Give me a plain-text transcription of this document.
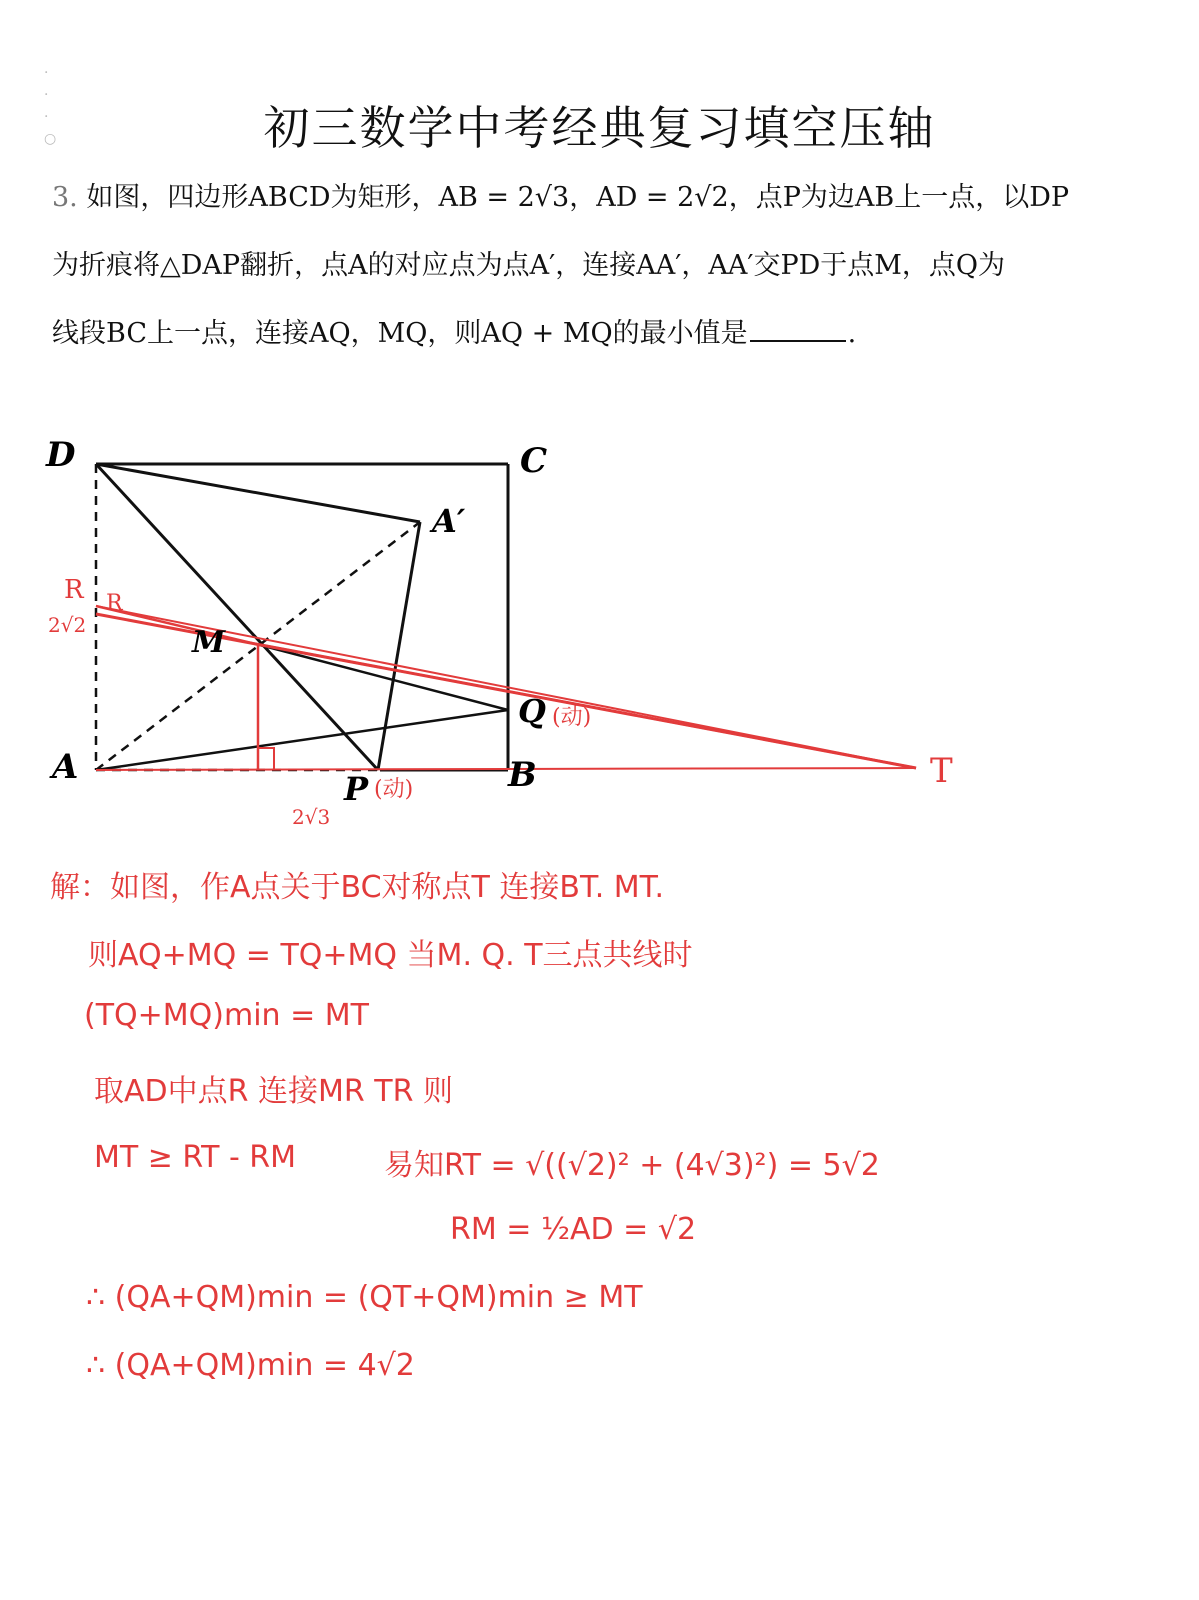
·
·
·
○	初三数学中考经典复习填空压轴
3. 如图，四边形ABCD为矩形，AB = 2√3，AD = 2√2，点P为边AB上一点，以DP
为折痕将△DAP翻折，点A的对应点为点A′，连接AA′，AA′交PD于点M，点Q为
线段BC上一点，连接AQ，MQ，则AQ + MQ的最小值是	.
D	C
A′
M
A	B
P
Q
R R
2√2
(动)
(动)
2√3
T
解：如图，作A点关于BC对称点T 连接BT. MT.
则AQ+MQ = TQ+MQ 当M. Q. T三点共线时
(TQ+MQ)min = MT
取AD中点R 连接MR TR 则
MT ≥ RT - RM	易知RT = √((√2)² + (4√3)²) = 5√2
RM = ½AD = √2
∴ (QA+QM)min = (QT+QM)min ≥ MT
∴ (QA+QM)min = 4√2
